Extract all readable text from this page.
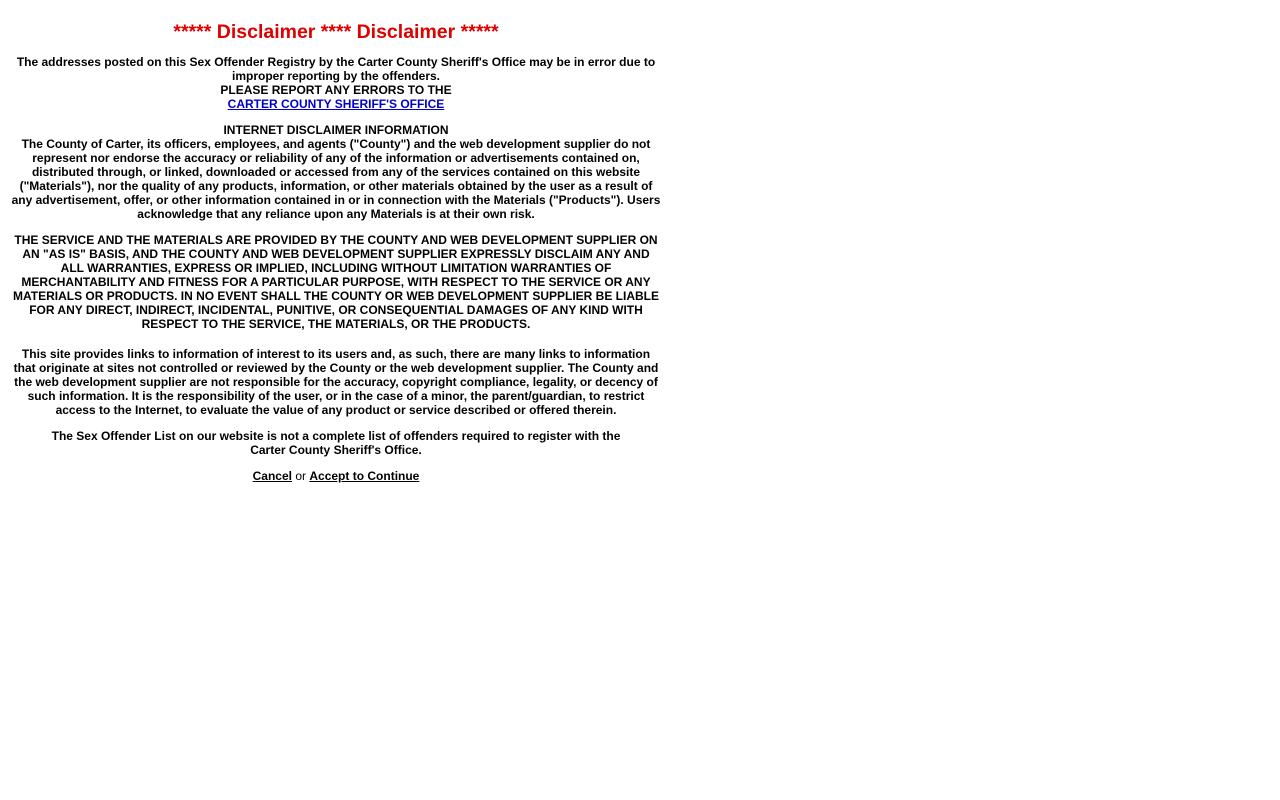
***** Disclaimer **** Disclaimer *****
The addresses posted on this Sex Offender Registry by the Carter County Sheriff's Office may be in error due to
improper reporting by the offenders.
PLEASE REPORT ANY ERRORS TO THE
CARTER COUNTY SHERIFF'S OFFICE
INTERNET DISCLAIMER INFORMATION
The County of Carter, its officers, employees, and agents ("County") and the web development supplier do not
represent nor endorse the accuracy or reliability of any of the information or advertisements contained on,
distributed through, or linked, downloaded or accessed from any of the services contained on this website
("Materials"), nor the quality of any products, information, or other materials obtained by the user as a result of
any advertisement, offer, or other information contained in or in connection with the Materials ("Products"). Users
acknowledge that any reliance upon any Materials is at their own risk.
THE SERVICE AND THE MATERIALS ARE PROVIDED BY THE COUNTY AND WEB DEVELOPMENT SUPPLIER ON
AN "AS IS" BASIS, AND THE COUNTY AND WEB DEVELOPMENT SUPPLIER EXPRESSLY DISCLAIM ANY AND
ALL WARRANTIES, EXPRESS OR IMPLIED, INCLUDING WITHOUT LIMITATION WARRANTIES OF
MERCHANTABILITY AND FITNESS FOR A PARTICULAR PURPOSE, WITH RESPECT TO THE SERVICE OR ANY
MATERIALS OR PRODUCTS. IN NO EVENT SHALL THE COUNTY OR WEB DEVELOPMENT SUPPLIER BE LIABLE
FOR ANY DIRECT, INDIRECT, INCIDENTAL, PUNITIVE, OR CONSEQUENTIAL DAMAGES OF ANY KIND WITH
RESPECT TO THE SERVICE, THE MATERIALS, OR THE PRODUCTS.
This site provides links to information of interest to its users and, as such, there are many links to information
that originate at sites not controlled or reviewed by the County or the web development supplier. The County and
the web development supplier are not responsible for the accuracy, copyright compliance, legality, or decency of
such information. It is the responsibility of the user, or in the case of a minor, the parent/guardian, to restrict
access to the Internet, to evaluate the value of any product or service described or offered therein.
The Sex Offender List on our website is not a complete list of offenders required to register with the
Carter County Sheriff's Office.
Cancel or Accept to Continue
